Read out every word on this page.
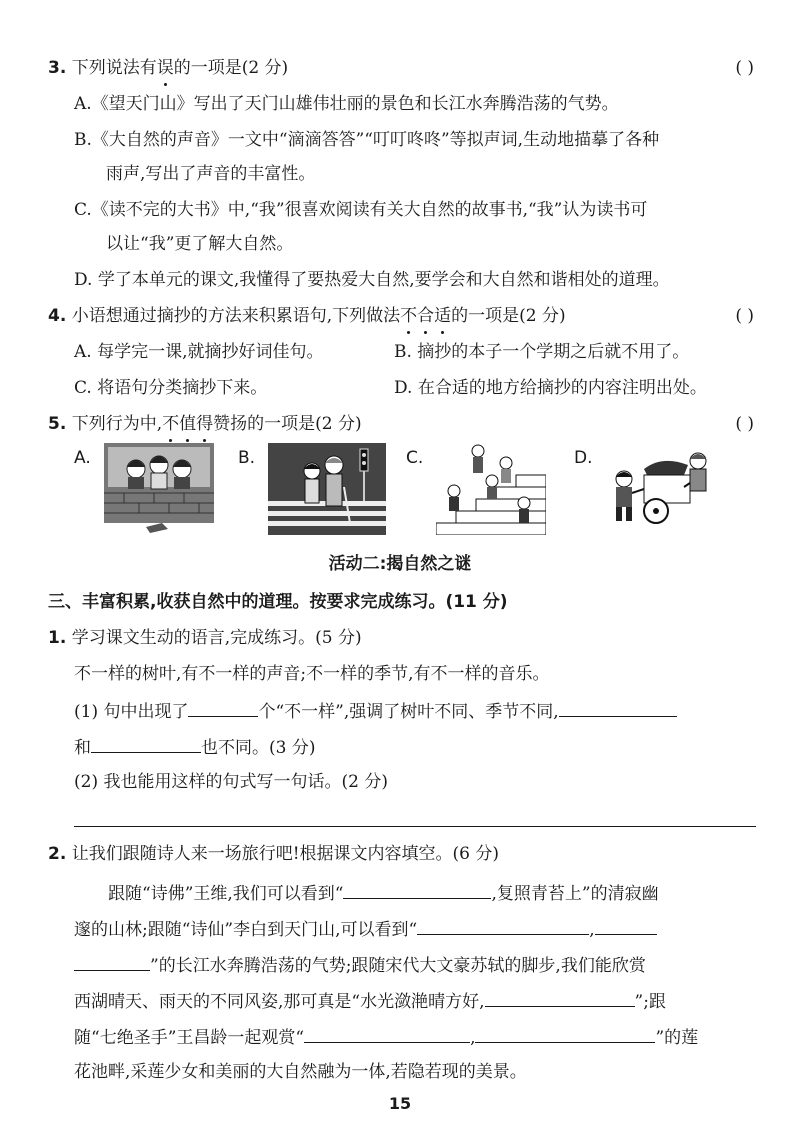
3. 下列说法有误的一项是(2 分)	( )
A.《望天门山》写出了天门山雄伟壮丽的景色和长江水奔腾浩荡的气势。
B.《大自然的声音》一文中“滴滴答答”“叮叮咚咚”等拟声词,生动地描摹了各种
雨声,写出了声音的丰富性。
C.《读不完的大书》中,“我”很喜欢阅读有关大自然的故事书,“我”认为读书可
以让“我”更了解大自然。
D. 学了本单元的课文,我懂得了要热爱大自然,要学会和大自然和谐相处的道理。
4. 小语想通过摘抄的方法来积累语句,下列做法不合适的一项是(2 分)	( )
A. 每学完一课,就摘抄好词佳句。	B. 摘抄的本子一个学期之后就不用了。
C. 将语句分类摘抄下来。	D. 在合适的地方给摘抄的内容注明出处。
5. 下列行为中,不值得赞扬的一项是(2 分)	( )
A.	B.	C.	D.
活动二:揭自然之谜
三、丰富积累,收获自然中的道理。按要求完成练习。(11 分)
1. 学习课文生动的语言,完成练习。(5 分)
不一样的树叶,有不一样的声音;不一样的季节,有不一样的音乐。
(1) 句中出现了	个“不一样”,强调了树叶不同、季节不同,
和	也不同。(3 分)
(2) 我也能用这样的句式写一句话。(2 分)
2. 让我们跟随诗人来一场旅行吧!根据课文内容填空。(6 分)
跟随“诗佛”王维,我们可以看到“	,复照青苔上”的清寂幽
邃的山林;跟随“诗仙”李白到天门山,可以看到“	,
”的长江水奔腾浩荡的气势;跟随宋代大文豪苏轼的脚步,我们能欣赏
西湖晴天、雨天的不同风姿,那可真是“水光潋滟晴方好,	”;跟
随“七绝圣手”王昌龄一起观赏“	,	”的莲
花池畔,采莲少女和美丽的大自然融为一体,若隐若现的美景。
15
